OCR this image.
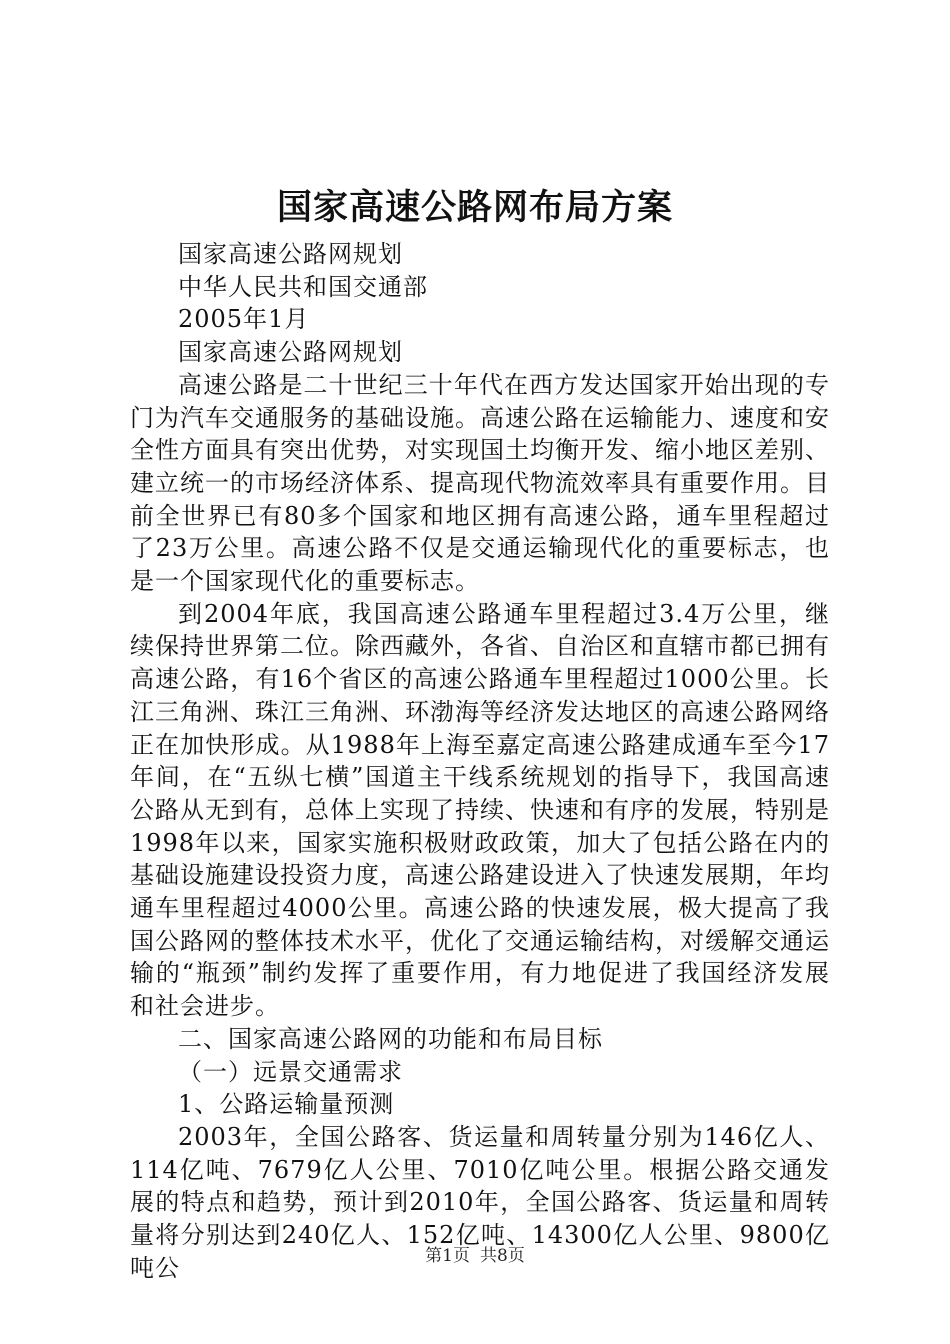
国家高速公路网布局方案

国家高速公路网规划

中华人民共和国交通部

2005年1月

国家高速公路网规划

高速公路是二十世纪三十年代在西方发达国家开始出现的专门为汽车交通服务的基础设施。高速公路在运输能力、速度和安全性方面具有突出优势，对实现国土均衡开发、缩小地区差别、建立统一的市场经济体系、提高现代物流效率具有重要作用。目前全世界已有80多个国家和地区拥有高速公路，通车里程超过了23万公里。高速公路不仅是交通运输现代化的重要标志，也是一个国家现代化的重要标志。

到2004年底，我国高速公路通车里程超过3.4万公里，继续保持世界第二位。除西藏外，各省、自治区和直辖市都已拥有高速公路，有16个省区的高速公路通车里程超过1000公里。长江三角洲、珠江三角洲、环渤海等经济发达地区的高速公路网络正在加快形成。从1988年上海至嘉定高速公路建成通车至今17年间，在“五纵七横”国道主干线系统规划的指导下，我国高速公路从无到有，总体上实现了持续、快速和有序的发展，特别是1998年以来，国家实施积极财政政策，加大了包括公路在内的基础设施建设投资力度，高速公路建设进入了快速发展期，年均通车里程超过4000公里。高速公路的快速发展，极大提高了我国公路网的整体技术水平，优化了交通运输结构，对缓解交通运输的“瓶颈”制约发挥了重要作用，有力地促进了我国经济发展和社会进步。

二、国家高速公路网的功能和布局目标

（一）远景交通需求

1、公路运输量预测

2003年，全国公路客、货运量和周转量分别为146亿人、114亿吨、7679亿人公里、7010亿吨公里。根据公路交通发展的特点和趋势，预计到2010年，全国公路客、货运量和周转量将分别达到240亿人、152亿吨、14300亿人公里、9800亿吨公	第1页 共8页
